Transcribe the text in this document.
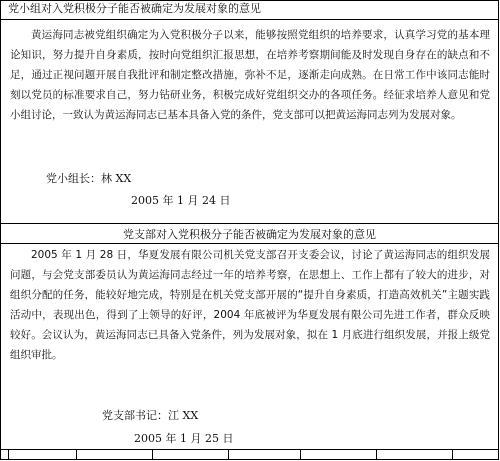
党小组对入党积极分子能否被确定为发展对象的意见

黄运海同志被党组织确定为入党积极分子以来，能够按照党组织的培养要求，认真学习党的基本理论知识，努力提升自身素质，按时向党组织汇报思想，在培养考察期间能及时发现自身存在的缺点和不足，通过正视问题开展自我批评和制定整改措施，弥补不足，逐渐走向成熟。在日常工作中该同志能时刻以党员的标准要求自己，努力钻研业务，积极完成好党组织交办的各项任务。经征求培养人意见和党小组讨论，一致认为黄运海同志已基本具备入党的条件，党支部可以把黄运海同志列为发展对象。

党小组长：林 XX
2005 年 1 月 24 日
党支部对入党积极分子能否被确定为发展对象的意见

2005 年 1 月 28 日，华夏发展有限公司机关党支部召开支委会议，讨论了黄运海同志的组织发展问题，与会党支部委员认为黄运海同志经过一年的培养考察，在思想上、工作上都有了较大的进步，对组织分配的任务，能较好地完成，特别是在机关党支部开展的“提升自身素质，打造高效机关”主题实践活动中，表现出色，得到了上领导的好评，2004 年底被评为华夏发展有限公司先进工作者，群众反映较好。会议认为，黄运海同志已具备入党条件，列为发展对象，拟在 1 月底进行组织发展，并报上级党组织审批。

党支部书记：江 XX
2005 年 1 月 25 日
